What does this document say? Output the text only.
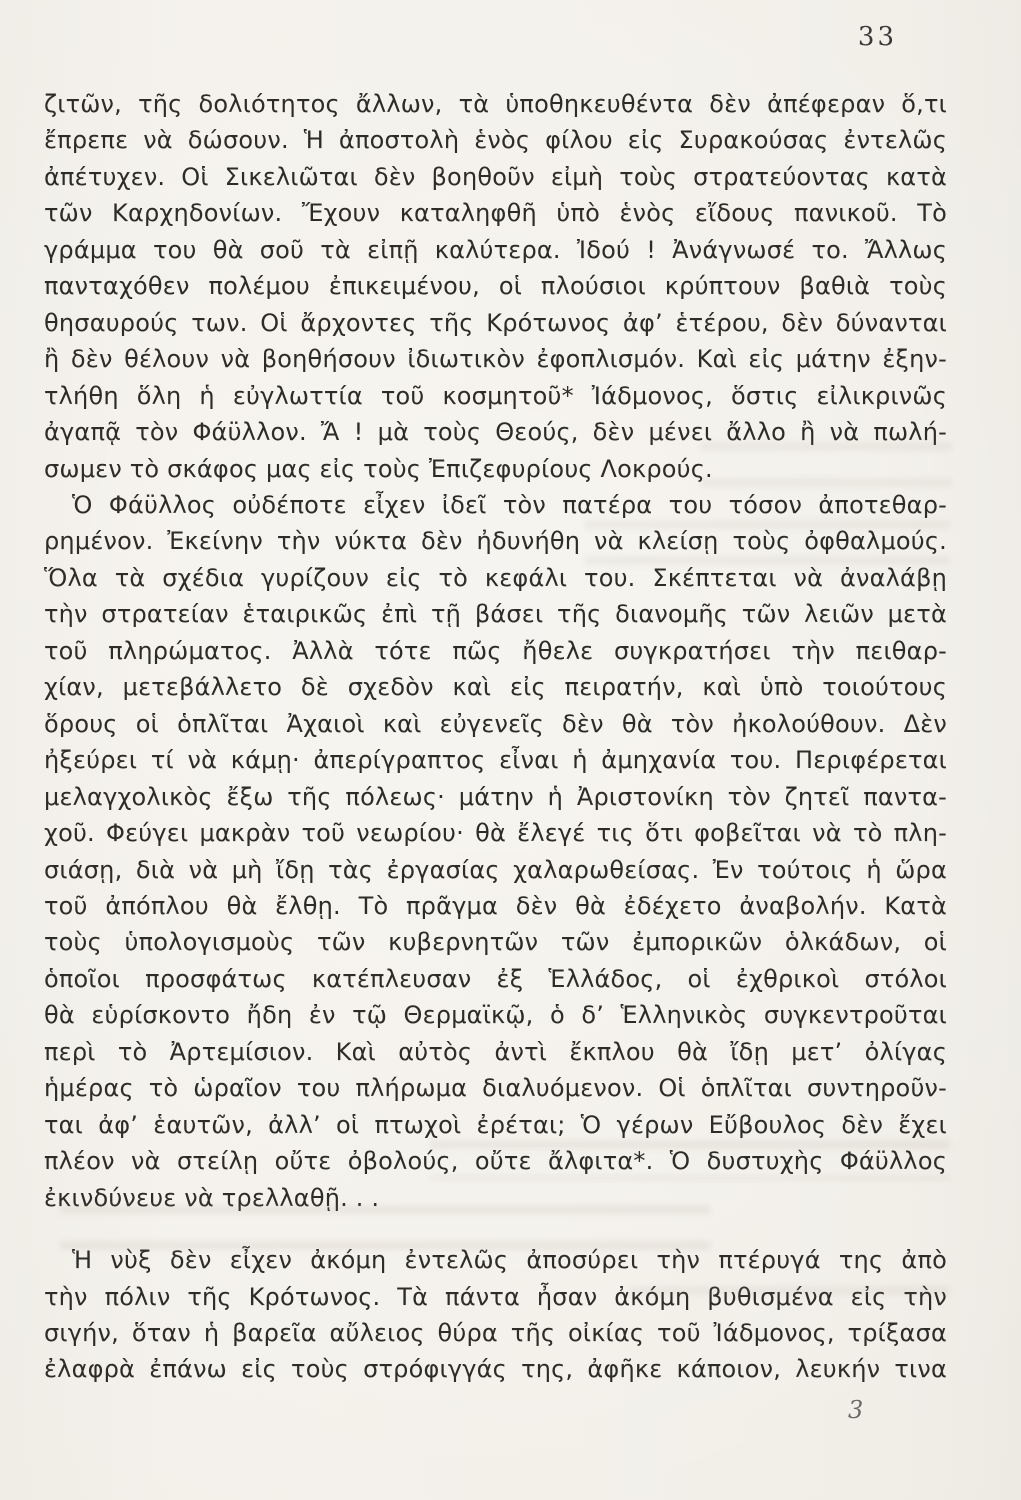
33
ζιτῶν, τῆς δολιότητος ἄλλων, τὰ ὑποθηκευθέντα δὲν ἀπέφεραν ὅ,τι
ἔπρεπε νὰ δώσουν. Ἡ ἀποστολὴ ἑνὸς φίλου εἰς Συρακούσας ἐντελῶς
ἀπέτυχεν. Οἱ Σικελιῶται δὲν βοηθοῦν εἰμὴ τοὺς στρατεύοντας κατὰ
τῶν Καρχηδονίων. Ἔχουν καταληφθῆ ὑπὸ ἑνὸς εἴδους πανικοῦ. Τὸ
γράμμα του θὰ σοῦ τὰ εἰπῇ καλύτερα. Ἰδού ! Ἀνάγνωσέ το. Ἄλλως
πανταχόθεν πολέμου ἐπικειμένου, οἱ πλούσιοι κρύπτουν βαθιὰ τοὺς
θησαυρούς των. Οἱ ἄρχοντες τῆς Κρότωνος ἀφ’ ἑτέρου, δὲν δύνανται
ἢ δὲν θέλουν νὰ βοηθήσουν ἰδιωτικὸν ἐφοπλισμόν. Καὶ εἰς μάτην ἐξην-
τλήθη ὅλη ἡ εὐγλωττία τοῦ κοσμητοῦ* Ἰάδμονος, ὅστις εἰλικρινῶς
ἀγαπᾷ τὸν Φάϋλλον. Ἄ ! μὰ τοὺς Θεούς, δὲν μένει ἄλλο ἢ νὰ πωλή-
σωμεν τὸ σκάφος μας εἰς τοὺς Ἐπιζεφυρίους Λοκρούς.
Ὁ Φάϋλλος οὐδέποτε εἶχεν ἰδεῖ τὸν πατέρα του τόσον ἀποτεθαρ-
ρημένον. Ἐκείνην τὴν νύκτα δὲν ἠδυνήθη νὰ κλείσῃ τοὺς ὀφθαλμούς.
Ὅλα τὰ σχέδια γυρίζουν εἰς τὸ κεφάλι του. Σκέπτεται νὰ ἀναλάβῃ
τὴν στρατείαν ἑταιρικῶς ἐπὶ τῇ βάσει τῆς διανομῆς τῶν λειῶν μετὰ
τοῦ πληρώματος. Ἀλλὰ τότε πῶς ἤθελε συγκρατήσει τὴν πειθαρ-
χίαν, μετεβάλλετο δὲ σχεδὸν καὶ εἰς πειρατήν, καὶ ὑπὸ τοιούτους
ὅρους οἱ ὁπλῖται Ἀχαιοὶ καὶ εὐγενεῖς δὲν θὰ τὸν ἠκολούθουν. Δὲν
ἠξεύρει τί νὰ κάμῃ· ἀπερίγραπτος εἶναι ἡ ἀμηχανία του. Περιφέρεται
μελαγχολικὸς ἔξω τῆς πόλεως· μάτην ἡ Ἀριστονίκη τὸν ζητεῖ παντα-
χοῦ. Φεύγει μακρὰν τοῦ νεωρίου· θὰ ἔλεγέ τις ὅτι φοβεῖται νὰ τὸ πλη-
σιάσῃ, διὰ νὰ μὴ ἴδῃ τὰς ἐργασίας χαλαρωθείσας. Ἐν τούτοις ἡ ὥρα
τοῦ ἀπόπλου θὰ ἔλθῃ. Τὸ πρᾶγμα δὲν θὰ ἐδέχετο ἀναβολήν. Κατὰ
τοὺς ὑπολογισμοὺς τῶν κυβερνητῶν τῶν ἐμπορικῶν ὁλκάδων, οἱ
ὁποῖοι προσφάτως κατέπλευσαν ἐξ Ἑλλάδος, οἱ ἐχθρικοὶ στόλοι
θὰ εὑρίσκοντο ἤδη ἐν τῷ Θερμαϊκῷ, ὁ δ’ Ἑλληνικὸς συγκεντροῦται
περὶ τὸ Ἀρτεμίσιον. Καὶ αὐτὸς ἀντὶ ἔκπλου θὰ ἴδῃ μετ’ ὀλίγας
ἡμέρας τὸ ὡραῖον του πλήρωμα διαλυόμενον. Οἱ ὁπλῖται συντηροῦν-
ται ἀφ’ ἑαυτῶν, ἀλλ’ οἱ πτωχοὶ ἐρέται; Ὁ γέρων Εὔβουλος δὲν ἔχει
πλέον νὰ στείλῃ οὔτε ὀβολούς, οὔτε ἄλφιτα*. Ὁ δυστυχὴς Φάϋλλος
ἐκινδύνευε νὰ τρελλαθῇ. . .
Ἡ νὺξ δὲν εἶχεν ἀκόμη ἐντελῶς ἀποσύρει τὴν πτέρυγά της ἀπὸ
τὴν πόλιν τῆς Κρότωνος. Τὰ πάντα ἦσαν ἀκόμη βυθισμένα εἰς τὴν
σιγήν, ὅταν ἡ βαρεῖα αὔλειος θύρα τῆς οἰκίας τοῦ Ἰάδμονος, τρίξασα
ἐλαφρὰ ἐπάνω εἰς τοὺς στρόφιγγάς της, ἀφῆκε κάποιον, λευκήν τινα
3
